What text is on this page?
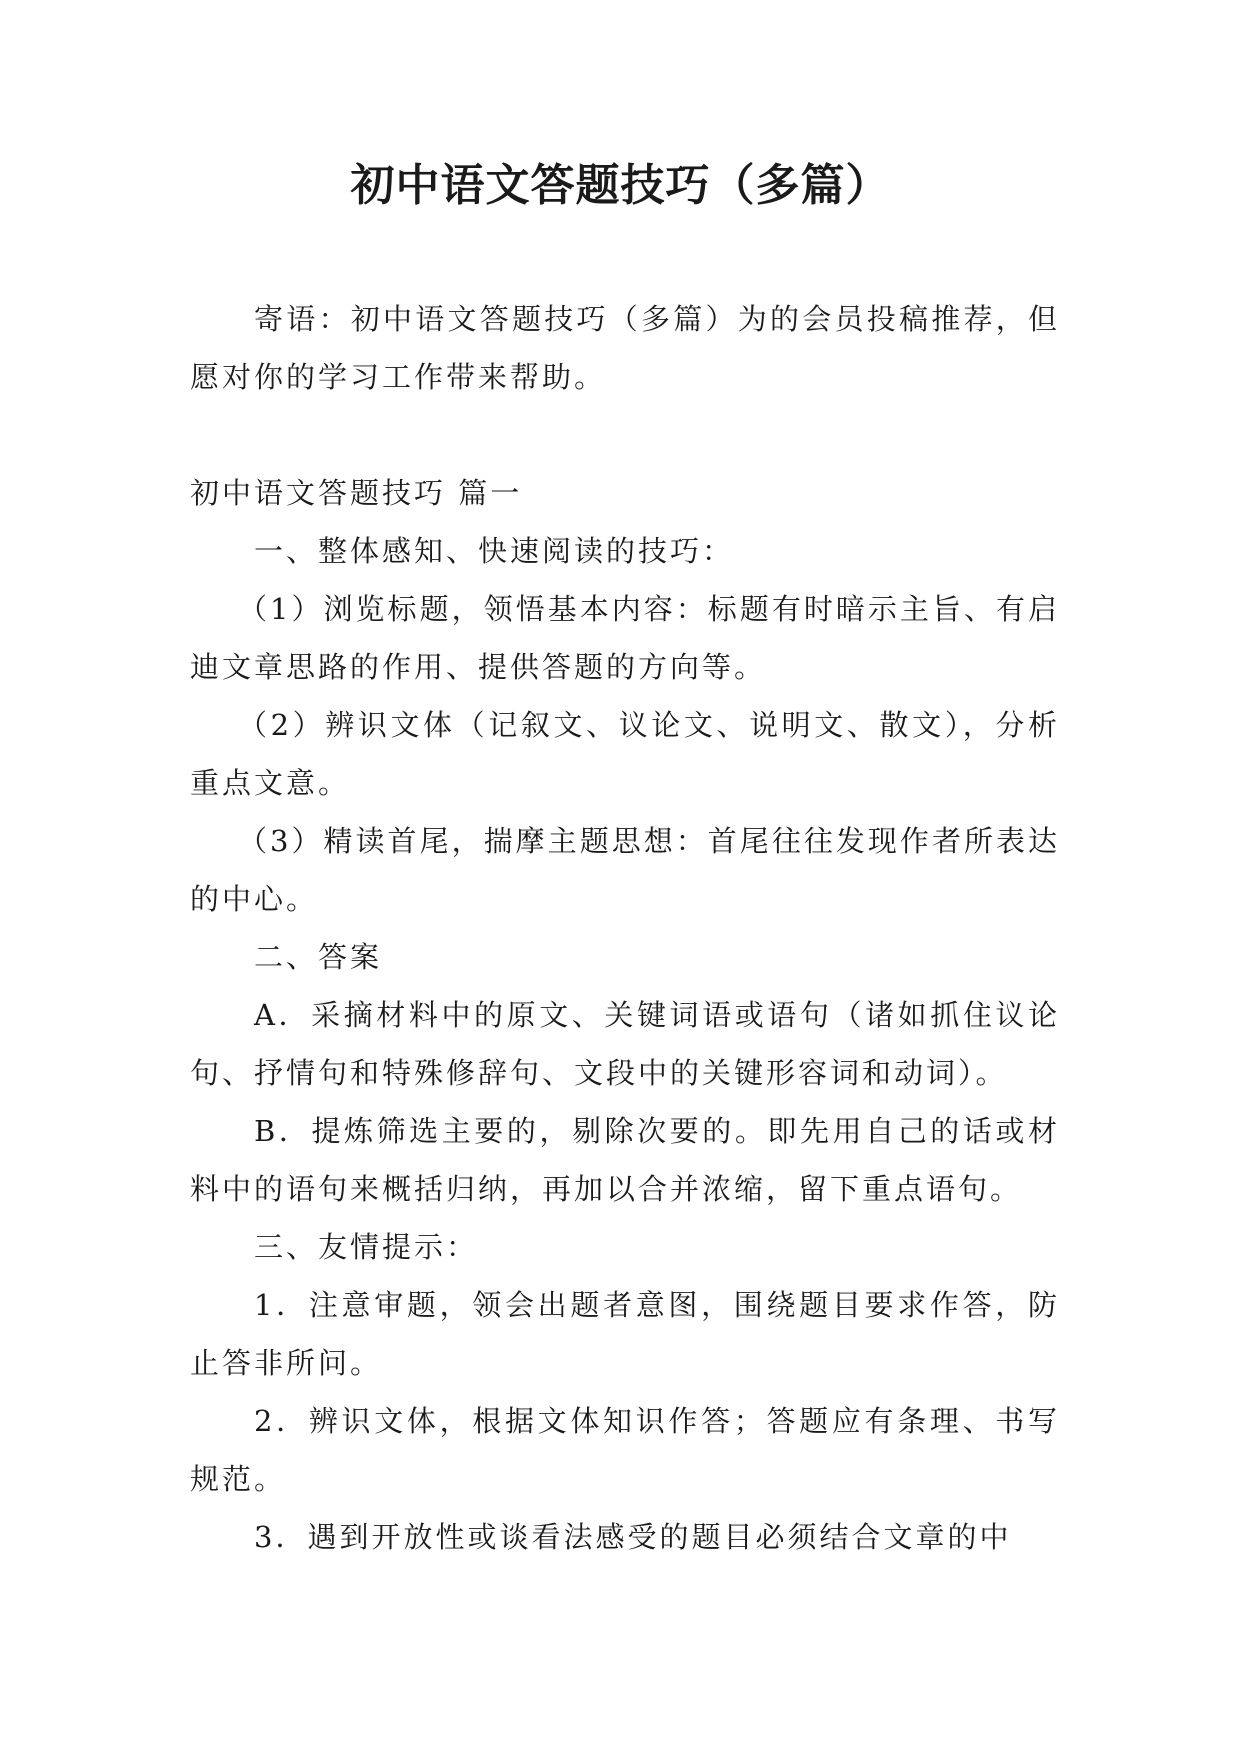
初中语文答题技巧（多篇）

寄语：初中语文答题技巧（多篇）为的会员投稿推荐，但愿对你的学习工作带来帮助。

初中语文答题技巧 篇一

一、整体感知、快速阅读的技巧：

（1）浏览标题，领悟基本内容：标题有时暗示主旨、有启迪文章思路的作用、提供答题的方向等。

（2）辨识文体（记叙文、议论文、说明文、散文），分析重点文意。

（3）精读首尾，揣摩主题思想：首尾往往发现作者所表达的中心。

二、答案

A．采摘材料中的原文、关键词语或语句（诸如抓住议论句、抒情句和特殊修辞句、文段中的关键形容词和动词）。

B．提炼筛选主要的，剔除次要的。即先用自己的话或材料中的语句来概括归纳，再加以合并浓缩，留下重点语句。

三、友情提示：

1．注意审题，领会出题者意图，围绕题目要求作答，防止答非所问。

2．辨识文体，根据文体知识作答；答题应有条理、书写规范。

3．遇到开放性或谈看法感受的题目必须结合文章的中
